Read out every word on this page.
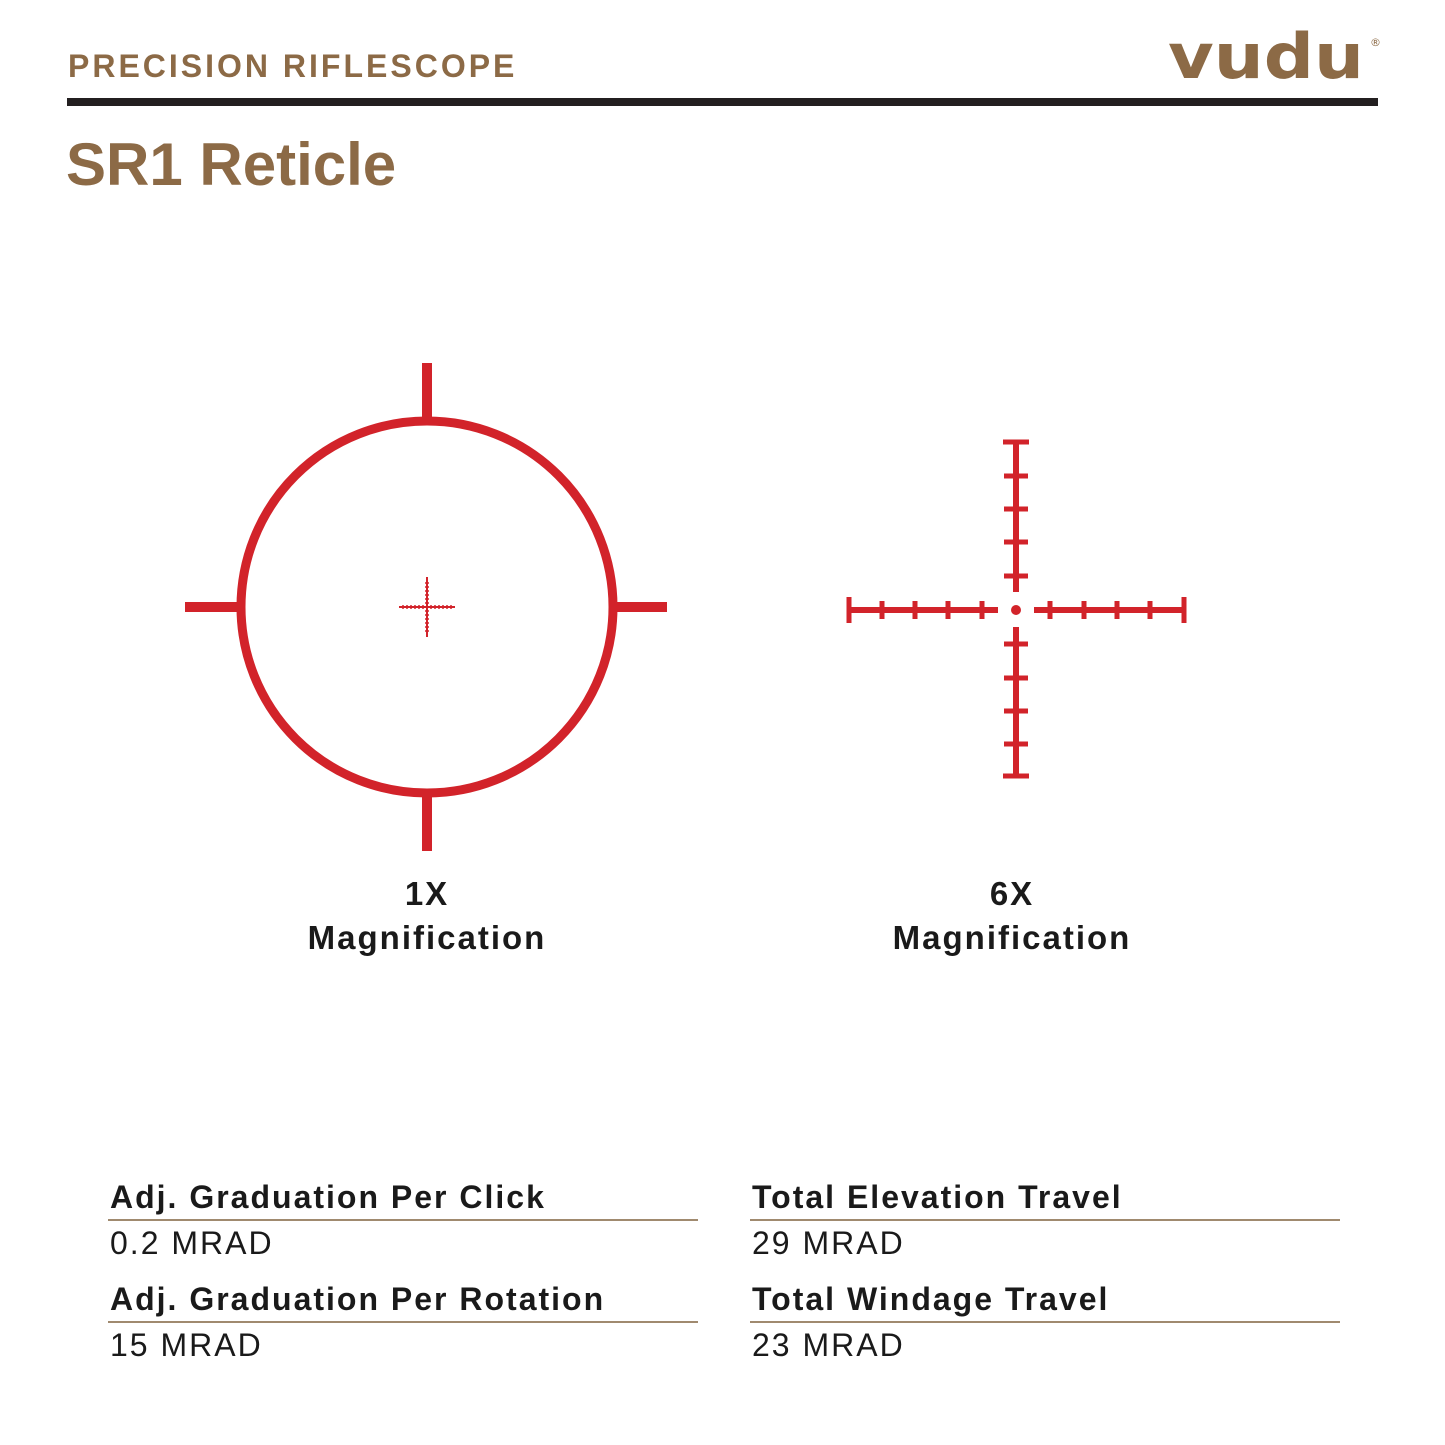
PRECISION RIFLESCOPE	vudu ®
SR1 Reticle
1X
Magnification
6X
Magnification
Adj. Graduation Per Click
0.2 MRAD
Total Elevation Travel
29 MRAD
Adj. Graduation Per Rotation
15 MRAD
Total Windage Travel
23 MRAD
